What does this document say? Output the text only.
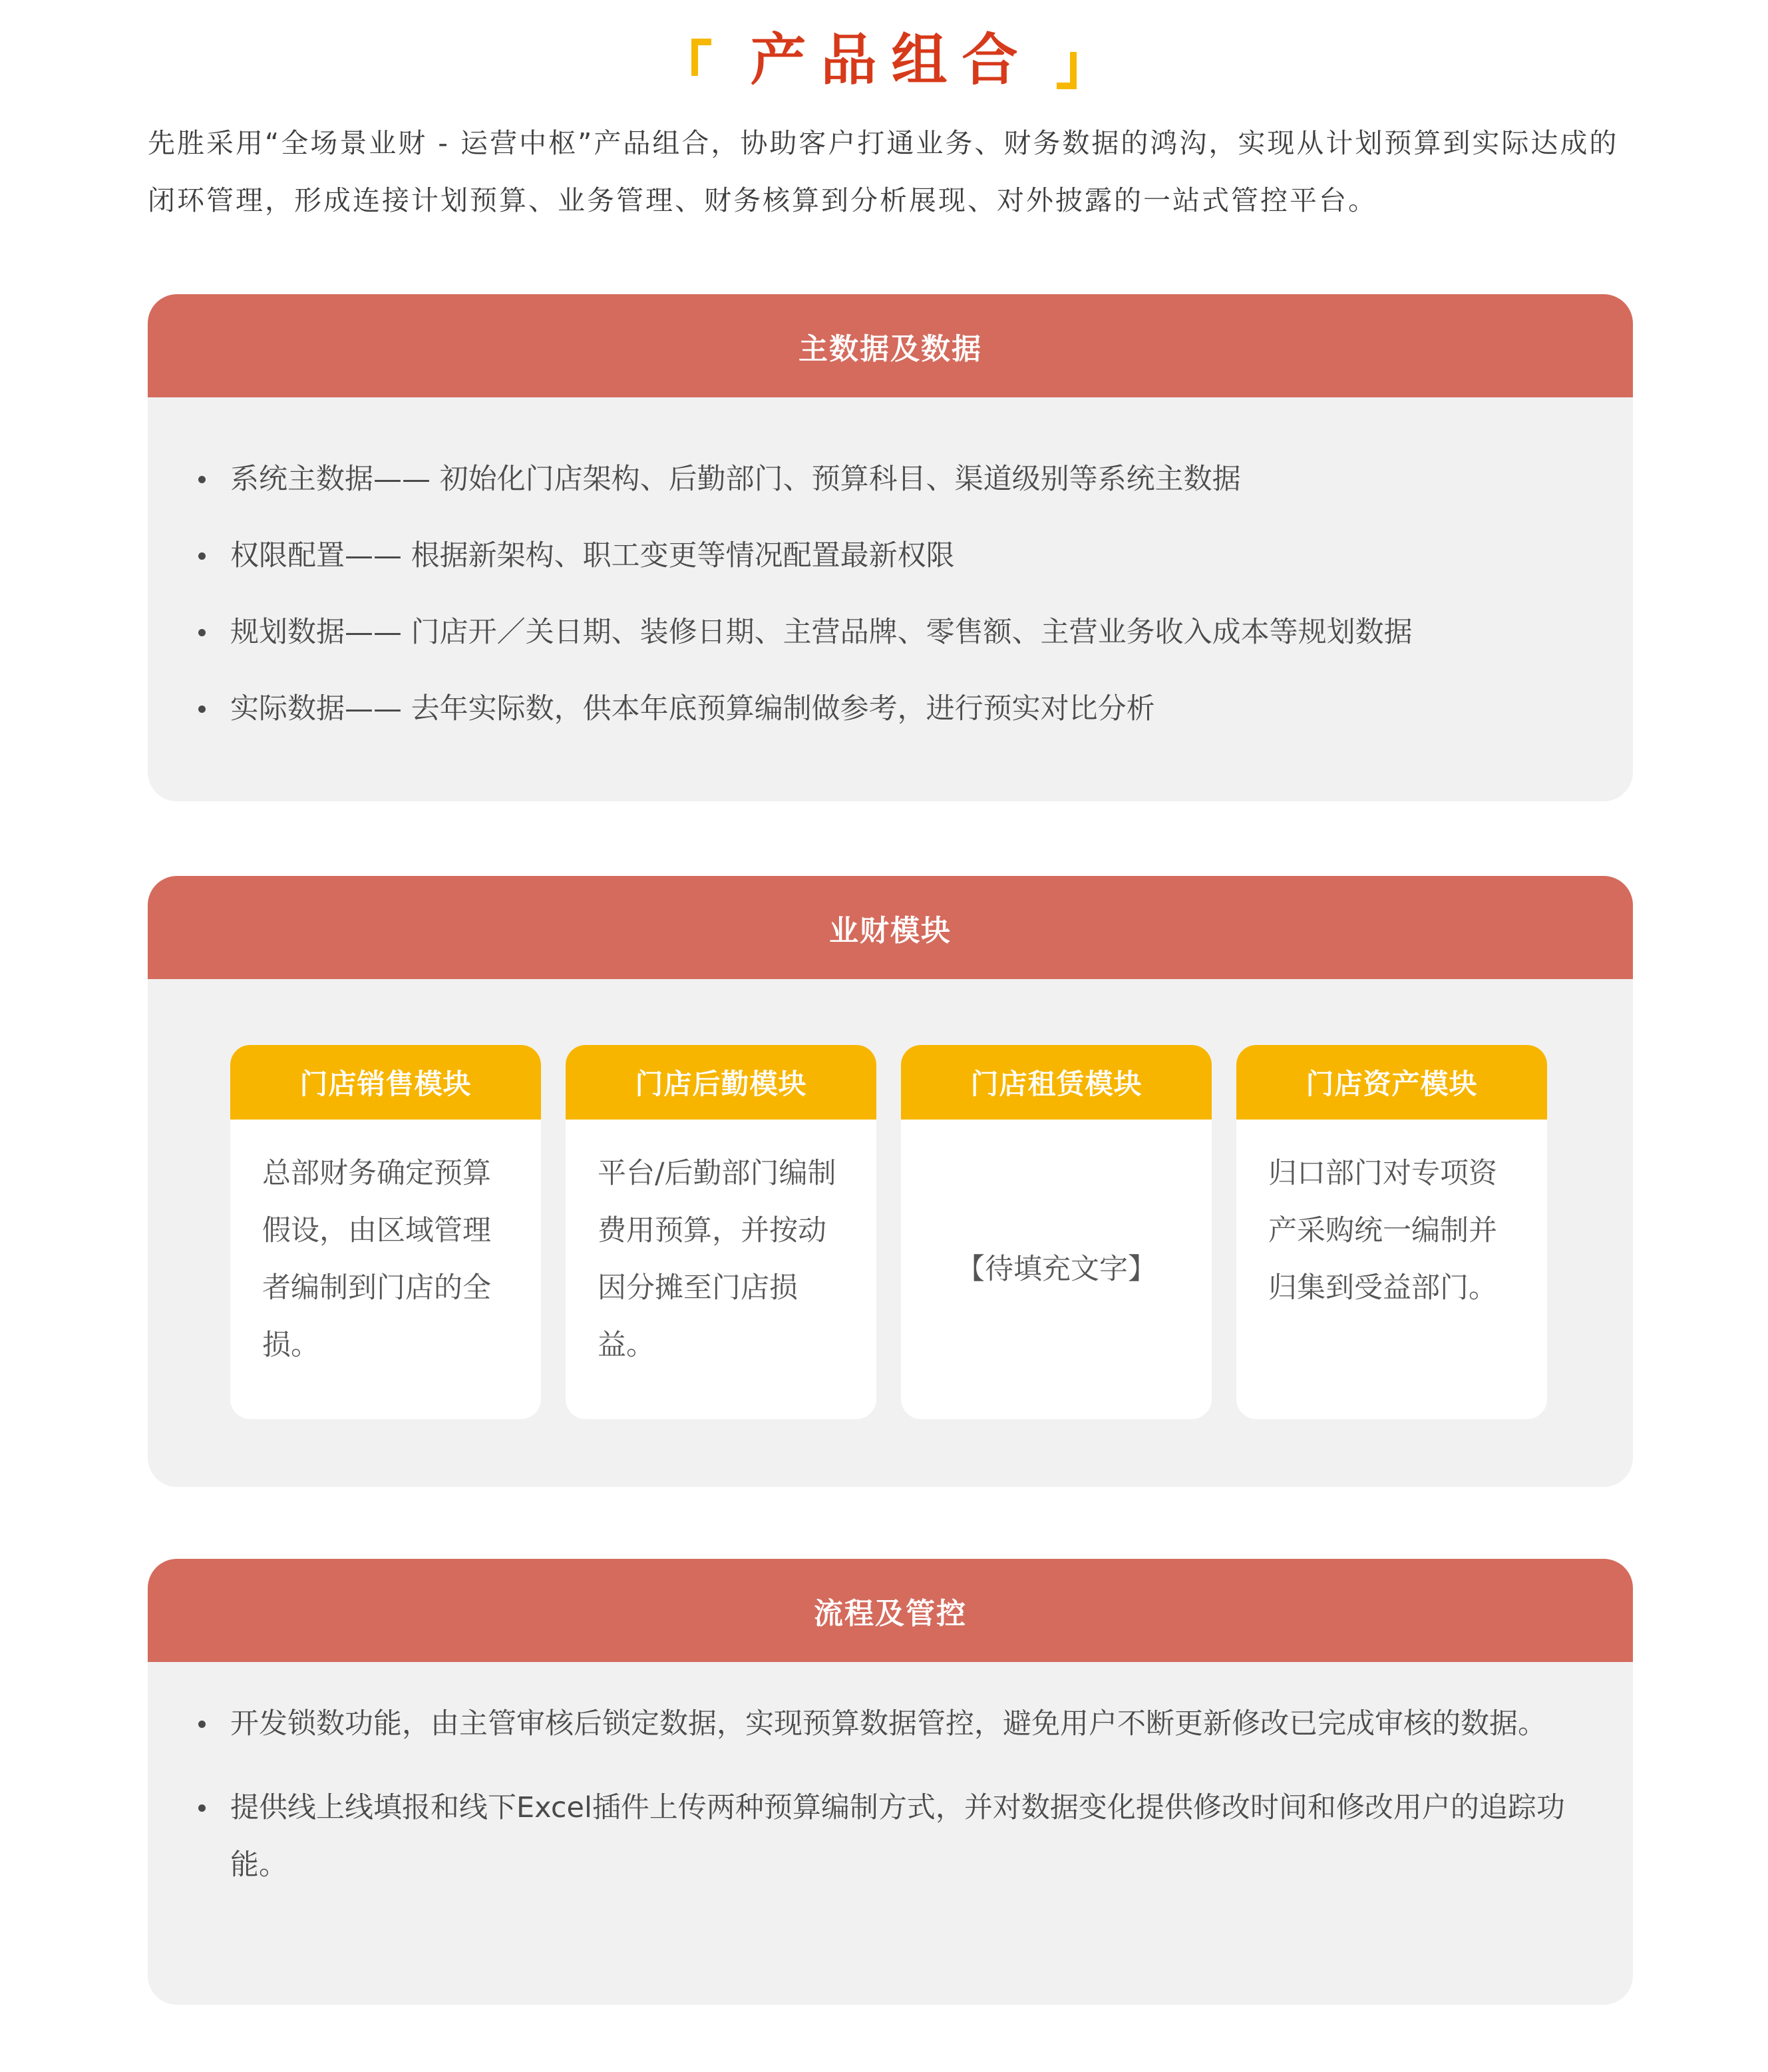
产品组合

先胜采用“全场景业财 - 运营中枢”产品组合，协助客户打通业务、财务数据的鸿沟，实现从计划预算到实际达成的闭环管理，形成连接计划预算、业务管理、财务核算到分析展现、对外披露的一站式管控平台。

主数据及数据
系统主数据—— 初始化门店架构、后勤部门、预算科目、渠道级别等系统主数据
权限配置—— 根据新架构、职工变更等情况配置最新权限
规划数据—— 门店开／关日期、装修日期、主营品牌、零售额、主营业务收入成本等规划数据
实际数据—— 去年实际数，供本年底预算编制做参考，进行预实对比分析
业财模块
门店销售模块
总部财务确定预算假设，由区域管理者编制到门店的全损。
门店后勤模块
平台/后勤部门编制费用预算，并按动因分摊至门店损益。
门店租赁模块
【待填充文字】
门店资产模块
归口部门对专项资产采购统一编制并归集到受益部门。
流程及管控
开发锁数功能，由主管审核后锁定数据，实现预算数据管控，避免用户不断更新修改已完成审核的数据。
提供线上线填报和线下Excel插件上传两种预算编制方式，并对数据变化提供修改时间和修改用户的追踪功能。
